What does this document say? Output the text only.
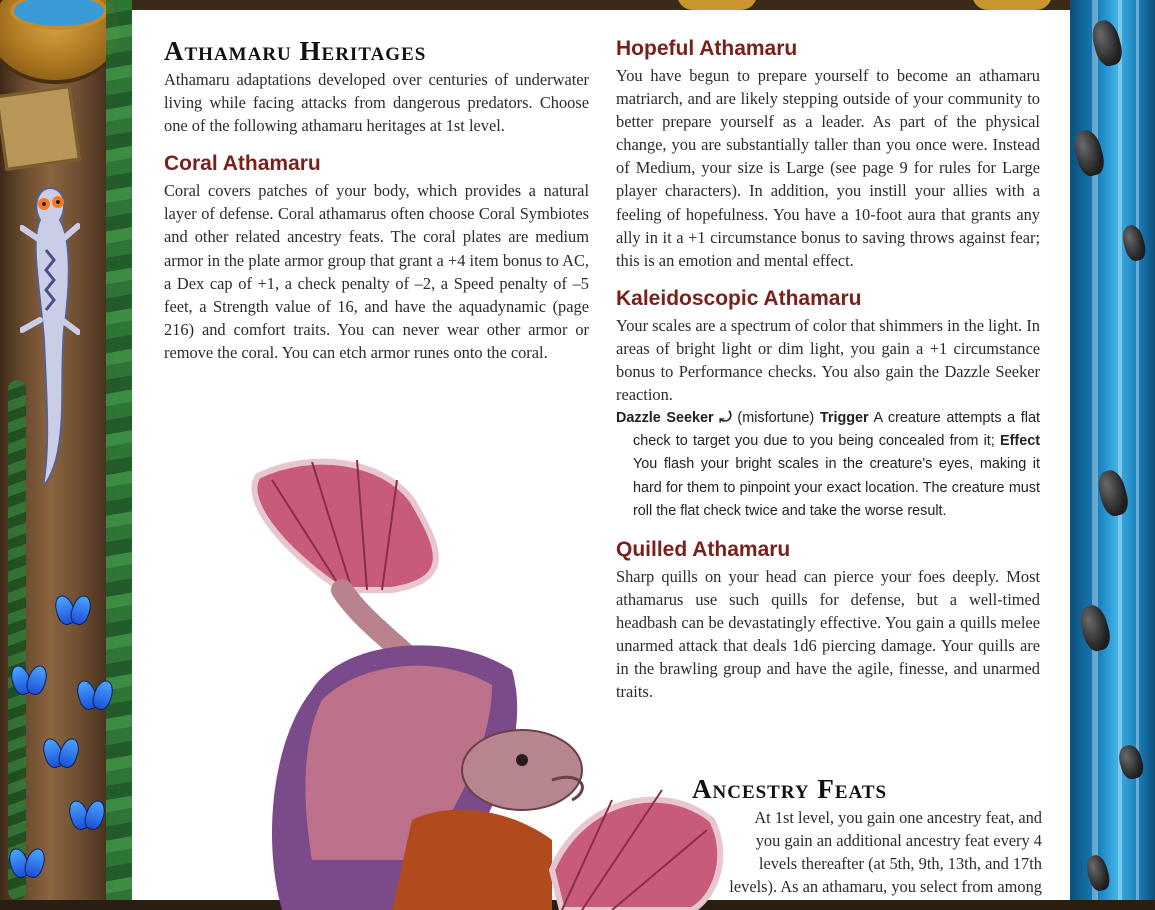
Athamaru Heritages

Athamaru adaptations developed over centuries of underwater living while facing attacks from dangerous predators. Choose one of the following athamaru heritages at 1st level.

Coral Athamaru

Coral covers patches of your body, which provides a natural layer of defense. Coral athamarus often choose Coral Symbiotes and other related ancestry feats. The coral plates are medium armor in the plate armor group that grant a +4 item bonus to AC, a Dex cap of +1, a check penalty of –2, a Speed penalty of –5 feet, a Strength value of 16, and have the aquadynamic (page 216) and comfort traits. You can never wear other armor or remove the coral. You can etch armor runes onto the coral.

Hopeful Athamaru

You have begun to prepare yourself to become an athamaru matriarch, and are likely stepping outside of your community to better prepare yourself as a leader. As part of the physical change, you are substantially taller than you once were. Instead of Medium, your size is Large (see page 9 for rules for Large player characters). In addition, you instill your allies with a feeling of hopefulness. You have a 10-foot aura that grants any ally in it a +1 circumstance bonus to saving throws against fear; this is an emotion and mental effect.

Kaleidoscopic Athamaru

Your scales are a spectrum of color that shimmers in the light. In areas of bright light or dim light, you gain a +1 circumstance bonus to Performance checks. You also gain the Dazzle Seeker reaction.

Dazzle Seeker ⤾ (misfortune) Trigger A creature attempts a flat check to target you due to you being concealed from it; Effect You flash your bright scales in the creature's eyes, making it hard for them to pinpoint your exact location. The creature must roll the flat check twice and take the worse result.
Quilled Athamaru

Sharp quills on your head can pierce your foes deeply. Most athamarus use such quills for defense, but a well-timed headbash can be devastatingly effective. You gain a quills melee unarmed attack that deals 1d6 piercing damage. Your quills are in the brawling group and have the agile, finesse, and unarmed traits.

Ancestry Feats
At 1st level, you gain one ancestry feat, and
you gain an additional ancestry feat every 4
levels thereafter (at 5th, 9th, 13th, and 17th
levels). As an athamaru, you select from among
